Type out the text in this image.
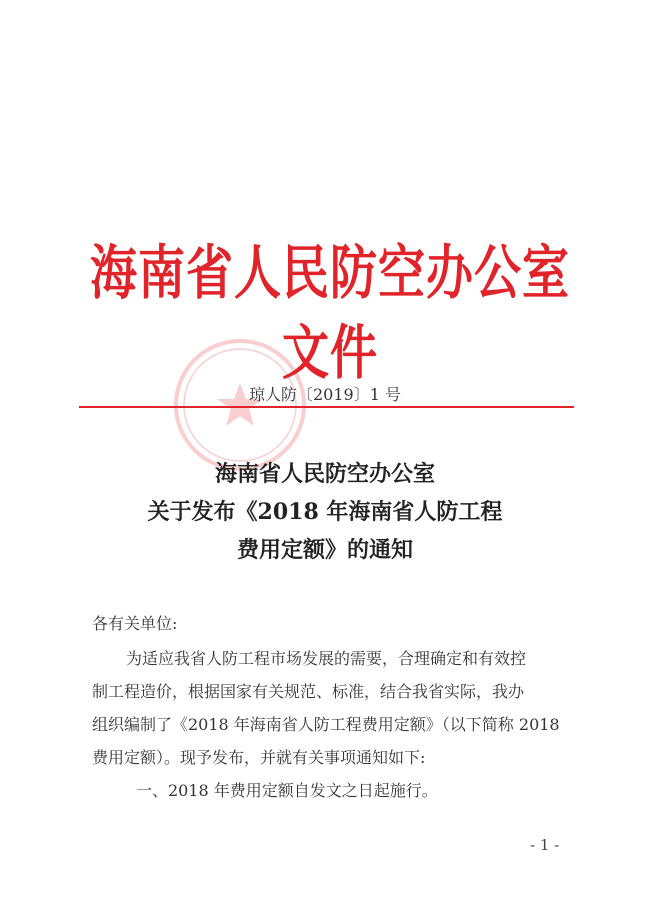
海南省人民防空办公室文件
琼人防〔2019〕1 号
海南省人民防空办公室
关于发布《2018 年海南省人防工程
费用定额》的通知
各有关单位:
为适应我省人防工程市场发展的需要，合理确定和有效控
制工程造价，根据国家有关规范、标准，结合我省实际，我办
组织编制了《2018 年海南省人防工程费用定额》（以下简称 2018
费用定额）。现予发布，并就有关事项通知如下:
一、2018 年费用定额自发文之日起施行。
- 1 -
